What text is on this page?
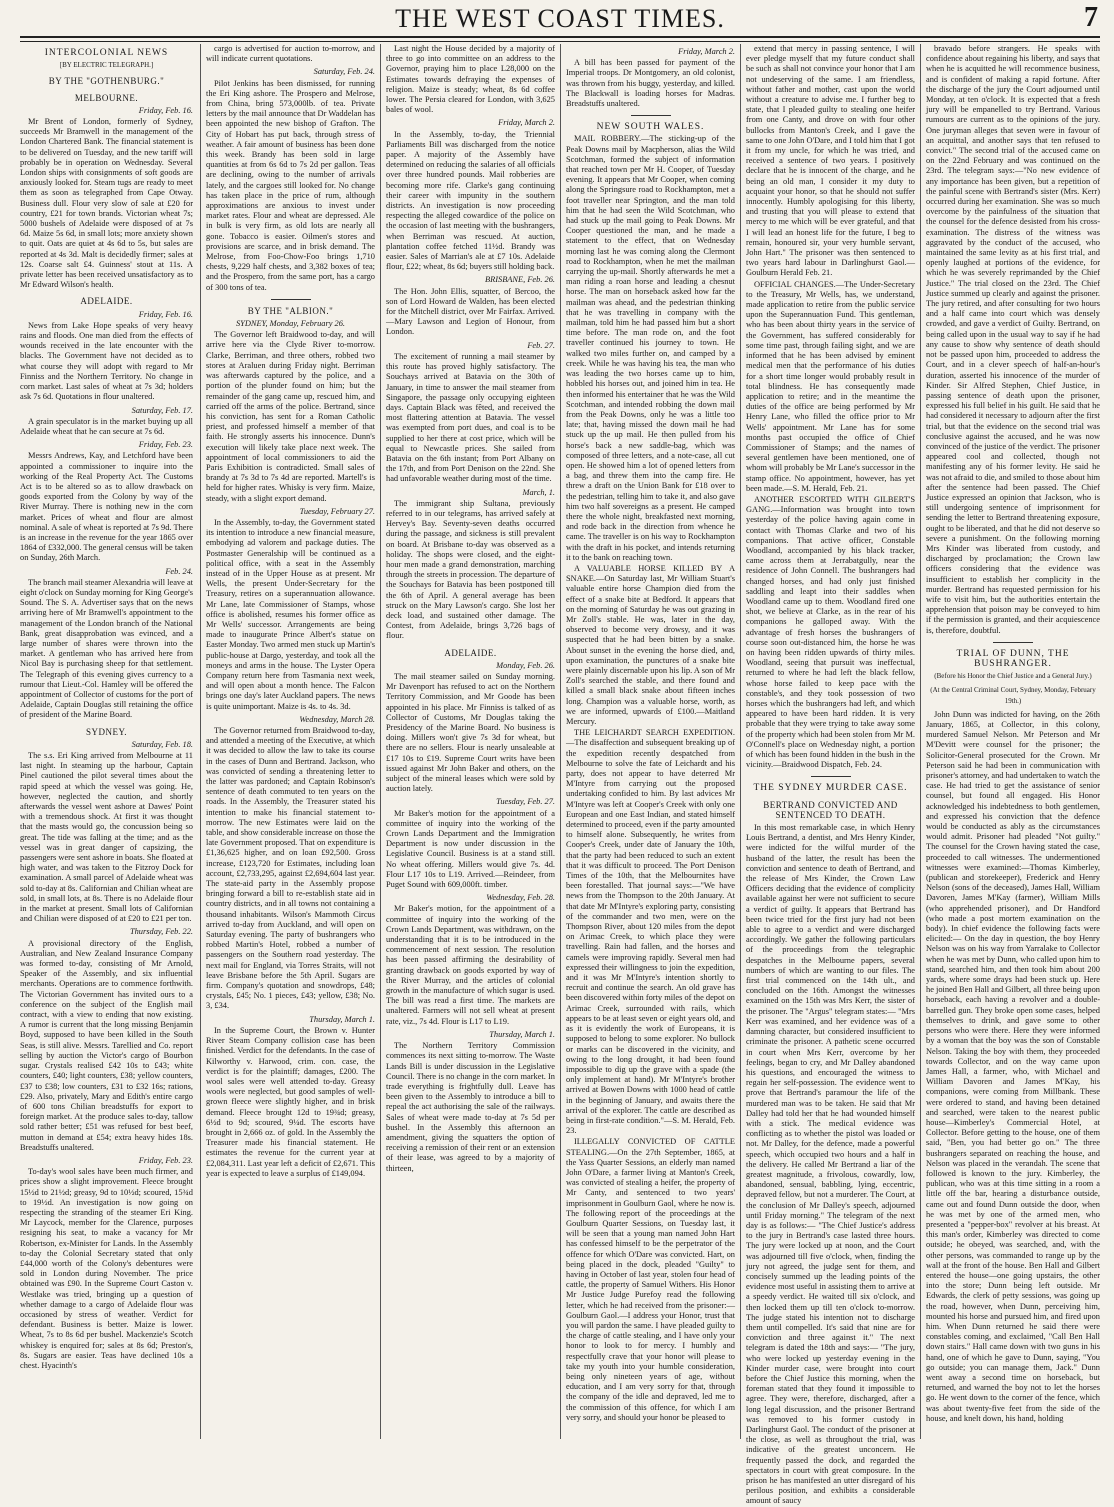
THE WEST COAST TIMES.	7
INTERCOLONIAL NEWS
[BY ELECTRIC TELEGRAPH.]
BY THE "GOTHENBURG."
MELBOURNE.
Friday, Feb. 16.

Mr Brent of London, formerly of Sydney, succeeds Mr Bramwell in the management of the London Chartered Bank. The financial statement is to be delivered on Tuesday, and the new tariff will probably be in operation on Wednesday. Several London ships with consignments of soft goods are anxiously looked for. Steam tugs are ready to meet them as soon as telegraphed from Cape Otway. Business dull. Flour very slow of sale at £20 for country, £21 for town brands. Victorian wheat 7s; 5000 bushels of Adelaide were disposed of at 7s 6d. Maize 5s 6d, in small lots; more anxiety shown to quit. Oats are quiet at 4s 6d to 5s, but sales are reported at 4s 3d. Malt is decidedly firmer; sales at 12s. Coarse salt £4. Guinness' stout at 11s. A private letter has been received unsatisfactory as to Mr Edward Wilson's health.

ADELAIDE.
Friday, Feb. 16.

News from Lake Hope speaks of very heavy rains and floods. One man died from the effects of wounds received in the late encounter with the blacks. The Government have not decided as to what course they will adopt with regard to Mr Finniss and the Northern Territory. No change in corn market. Last sales of wheat at 7s 3d; holders ask 7s 6d. Quotations in flour unaltered.

Saturday, Feb. 17.

A grain speculator is in the market buying up all Adelaide wheat that he can secure at 7s 6d.

Friday, Feb. 23.

Messrs Andrews, Kay, and Letchford have been appointed a commissioner to inquire into the working of the Real Property Act. The Customs Act is to be altered so as to allow drawback on goods exported from the Colony by way of the River Murray. There is nothing new in the corn market. Prices of wheat and flour are almost nominal. A sale of wheat is reported at 7s 9d. There is an increase in the revenue for the year 1865 over 1864 of £332,000. The general census will be taken on Sunday, 26th March.

Feb. 24.

The branch mail steamer Alexandria will leave at eight o'clock on Sunday morning for King George's Sound. The S. A. Advertiser says that on the news arriving here of Mr Bramwell's appointment to the management of the London branch of the National Bank, great disapprobation was evinced, and a large number of shares were thrown into the market. A gentleman who has arrived here from Nicol Bay is purchasing sheep for that settlement. The Telegraph of this evening gives currency to a rumour that Lieut.-Col. Hamley will be offered the appointment of Collector of customs for the port of Adelaide, Captain Douglas still retaining the office of president of the Marine Board.

SYDNEY.
Saturday, Feb. 18.

The s.s. Eri King arrived from Melbourne at 11 last night. In steaming up the harbour, Captain Pinel cautioned the pilot several times about the rapid speed at which the vessel was going. He, however, neglected the caution, and shortly afterwards the vessel went ashore at Dawes' Point with a tremendous shock. At first it was thought that the masts would go, the concussion being so great. The tide was falling at the time; and as the vessel was in great danger of capsizing, the passengers were sent ashore in boats. She floated at high water, and was taken to the Fitzroy Dock for examination. A small parcel of Adelaide wheat was sold to-day at 8s. Californian and Chilian wheat are sold, in small lots, at 8s. There is no Adelaide flour in the market at present. Small lots of Californian and Chilian were disposed of at £20 to £21 per ton.

Thursday, Feb. 22.

A provisional directory of the English, Australian, and New Zealand Insurance Company was formed to-day, consisting of Mr Arnold, Speaker of the Assembly, and six influential merchants. Operations are to commence forthwith. The Victorian Government has invited ours to a conference on the subject of the English mail contract, with a view to ending that now existing. A rumor is current that the long missing Benjamin Boyd, supposed to have been killed in the South Seas, is still alive. Messrs. Tarellied and Co. report selling by auction the Victor's cargo of Bourbon sugar. Crystals realised £42 10s to £43; white counters, £40; light counters, £38; yellow counters, £37 to £38; low counters, £31 to £32 16s; rations, £29. Also, privately, Mary and Edith's entire cargo of 600 tons Chilian breadstuffs for export to foreign market. At the produce sales to-day, tallow sold rather better; £51 was refused for best beef, mutton in demand at £54; extra heavy hides 18s. Breadstuffs unaltered.

Friday, Feb. 23.

To-day's wool sales have been much firmer, and prices show a slight improvement. Fleece brought 15½d to 21½d; greasy, 9d to 10½d; scoured, 15¾d to 19½d. An investigation is now going on respecting the stranding of the steamer Eri King. Mr Laycock, member for the Clarence, purposes resigning his seat, to make a vacancy for Mr Robertson, ex-Minister for Lands. In the Assembly to-day the Colonial Secretary stated that only £44,000 worth of the Colony's debentures were sold in London during November. The price obtained was £90. In the Supreme Court Caston v. Westlake was tried, bringing up a question of whether damage to a cargo of Adelaide flour was occasioned by stress of weather. Verdict for defendant. Business is better. Maize is lower. Wheat, 7s to 8s 6d per bushel. Mackenzie's Scotch whiskey is enquired for; sales at 8s 6d; Preston's, 8s. Sugars are easier. Teas have declined 10s a chest. Hyacinth's

cargo is advertised for auction to-morrow, and will indicate current quotations.

Saturday, Feb. 24.

Pilot Jenkins has been dismissed, for running the Eri King ashore. The Prospero and Melrose, from China, bring 573,000lb. of tea. Private letters by the mail announce that Dr Waddelan has been appointed the new bishop of Grafton. The City of Hobart has put back, through stress of weather. A fair amount of business has been done this week. Brandy has been sold in large quantities at from 6s 6d to 7s 2d per gallon. Teas are declining, owing to the number of arrivals lately, and the cargoes still looked for. No change has taken place in the price of rum, although approximations are anxious to invest under market rates. Flour and wheat are depressed. Ale in bulk is very firm, as old lots are nearly all gone. Tobacco is easier. Oilmen's stores and provisions are scarce, and in brisk demand. The Melrose, from Foo-Chow-Foo brings 1,710 chests, 9,229 half chests, and 3,382 boxes of tea; and the Prospero, from the same port, has a cargo of 300 tons of tea.

BY THE "ALBION."
SYDNEY, Monday, February 26.

The Governor left Braidwood to-day, and will arrive here via the Clyde River to-morrow. Clarke, Berriman, and three others, robbed two stores at Araluen during Friday night. Berriman was afterwards captured by the police, and a portion of the plunder found on him; but the remainder of the gang came up, rescued him, and carried off the arms of the police. Bertrand, since his conviction, has sent for a Roman Catholic priest, and professed himself a member of that faith. He strongly asserts his innocence. Dunn's execution will likely take place next week. The appointment of local commissioners to aid the Paris Exhibition is contradicted. Small sales of brandy at 7s 3d to 7s 4d are reported. Martell's is held for higher rates. Whisky is very firm. Maize, steady, with a slight export demand.

Tuesday, February 27.

In the Assembly, to-day, the Government stated its intention to introduce a new financial measure, embodying ad valorem and package duties. The Postmaster Generalship will be continued as a political office, with a seat in the Assembly instead of in the Upper House as at present. Mr Wells, the present Under-Secretary for the Treasury, retires on a superannuation allowance. Mr Lane, late Commissioner of Stamps, whose office is abolished, resumes his former office as Mr Wells' successor. Arrangements are being made to inaugurate Prince Albert's statue on Easter Monday. Two armed men stuck up Martin's public-house at Dargo, yesterday, and took all the moneys and arms in the house. The Lyster Opera Company return here from Tasmania next week, and will open about a month hence. The Falcon brings one day's later Auckland papers. The news is quite unimportant. Maize is 4s. to 4s. 3d.

Wednesday, March 28.

The Governor returned from Braidwood to-day, and attended a meeting of the Executive, at which it was decided to allow the law to take its course in the cases of Dunn and Bertrand. Jackson, who was convicted of sending a threatening letter to the latter was pardoned; and Captain Robinson's sentence of death commuted to ten years on the roads. In the Assembly, the Treasurer stated his intention to make his financial statement to-morrow. The new Estimates were laid on the table, and show considerable increase on those the late Government proposed. That on expenditure is £1,36,625 higher, and on loan £92,500. Gross increase, £123,720 for Estimates, including loan account, £2,733,295, against £2,694,604 last year. The state-aid party in the Assembly propose bringing forward a bill to re-establish state aid in country districts, and in all towns not containing a thousand inhabitants. Wilson's Mammoth Circus arrived to-day from Auckland, and will open on Saturday evening. The party of bushrangers who robbed Martin's Hotel, robbed a number of passengers on the Southern road yesterday. The next mail for England, via Torres Straits, will not leave Brisbane before the 5th April. Sugars are firm. Company's quotation and snowdrops, £48; crystals, £45; No. 1 pieces, £43; yellow, £38; No. 3, £34.

Thursday, March 1.

In the Supreme Court, the Brown v. Hunter River Steam Company collision case has been finished. Verdict for the defendants. In the case of Kilworthy v. Harwood, crim. con. case, the verdict is for the plaintiff; damages, £200. The wool sales were well attended to-day. Greasy wools were neglected, but good samples of well-grown fleece were slightly higher, and in brisk demand. Fleece brought 12d to 19¾d; greasy, 6½d to 9d; scoured, 9¼d. The escorts have brought in 2,666 oz. of gold. In the Assembly the Treasurer made his financial statement. He estimates the revenue for the current year at £2,084,311. Last year left a deficit of £2,671. This year is expected to leave a surplus of £149,094.

Last night the House decided by a majority of three to go into committee on an address to the Governor, praying him to place L28,000 on the Estimates towards defraying the expenses of religion. Maize is steady; wheat, 8s 6d coffee lower. The Persia cleared for London, with 3,625 bales of wool.

Friday, March 2.

In the Assembly, to-day, the Triennial Parliaments Bill was discharged from the notice paper. A majority of the Assembly have determined on reducing the salaries of all officials over three hundred pounds. Mail robberies are becoming more rife. Clarke's gang continuing their career with impunity in the southern districts. An investigation is now proceeding respecting the alleged cowardice of the police on the occasion of last meeting with the bushrangers, when Berriman was rescued. At auction, plantation coffee fetched 11½d. Brandy was easier. Sales of Marrian's ale at £7 10s. Adelaide flour, £22; wheat, 8s 6d; buyers still holding back.

BRISBANE, Feb. 26.

The Hon. John Ellis, squatter, of Bercoo, the son of Lord Howard de Walden, has been elected for the Mitchell district, over Mr Fairfax. Arrived.—Mary Lawson and Legion of Honour, from London.

Feb. 27.

The excitement of running a mail steamer by this route has proved highly satisfactory. The Souchays arrived at Batavia on the 30th of January, in time to answer the mail steamer from Singapore, the passage only occupying eighteen days. Captain Black was fêted, and received the most flattering attention at Batavia. The vessel was exempted from port dues, and coal is to be supplied to her there at cost price, which will be equal to Newcastle prices. She sailed from Batavia on the 6th instant; from Port Albany on the 17th, and from Port Denison on the 22nd. She had unfavorable weather during most of the time.

March, 1.

The immigrant ship Sultana, previously referred to in our telegrams, has arrived safely at Hervey's Bay. Seventy-seven deaths occurred during the passage, and sickness is still prevalent on board. At Brisbane to-day was observed as a holiday. The shops were closed, and the eight-hour men made a grand demonstration, marching through the streets in procession. The departure of the Souchays for Batavia has been postponed till the 6th of April. A general average has been struck on the Mary Lawson's cargo. She lost her deck load, and sustained other damage. The Contest, from Adelaide, brings 3,726 bags of flour.

ADELAIDE.
Monday, Feb. 26.

The mail steamer sailed on Sunday morning. Mr Davenport has refused to act on the Northern Territory Commission, and Mr Goode has been appointed in his place. Mr Finniss is talked of as Collector of Customs, Mr Douglas taking the Presidency of the Marine Board. No business is doing. Millers won't give 7s 3d for wheat, but there are no sellers. Flour is nearly unsaleable at £17 10s to £19. Supreme Court writs have been issued against Mr John Baker and others, on the subject of the mineral leases which were sold by auction lately.

Tuesday, Feb. 27.

Mr Baker's motion for the appointment of a committee of inquiry into the working of the Crown Lands Department and the Immigration Department is now under discussion in the Legislative Council. Business is at a stand still. No wheat offering. Millers would give 7s. 4d. Flour L17 10s to L19. Arrived.—Reindeer, from Puget Sound with 609,000ft. timber.

Wednesday, Feb. 28.

Mr Baker's motion, for the appointment of a committee of inquiry into the working of the Crown Lands Department, was withdrawn, on the understanding that it is to be introduced in the commencement of next session. The resolution has been passed affirming the desirability of granting drawback on goods exported by way of the River Murray, and the articles of colonial growth in the manufacture of which sugar is used. The bill was read a first time. The markets are unaltered. Farmers will not sell wheat at present rate, viz., 7s 4d. Flour is L17 to L19.

Thursday, March 1.

The Northern Territory Commission commences its next sitting to-morrow. The Waste Lands Bill is under discussion in the Legislative Council. There is no change in the corn market. In trade everything is frightfully dull. Leave has been given to the Assembly to introduce a bill to repeal the act authorising the sale of the railways. Sales of wheat were made to-day at 7s 5d per bushel. In the Assembly this afternoon an amendment, giving the squatters the option of receiving a remission of their rent or an extension of their lease, was agreed to by a majority of thirteen,

Friday, March 2.

A bill has been passed for payment of the Imperial troops. Dr Montgomery, an old colonist, was thrown from his buggy, yesterday, and killed. The Blackwall is loading horses for Madras. Breadstuffs unaltered.

NEW SOUTH WALES.

MAIL ROBBERY.—The sticking-up of the Peak Downs mail by Macpherson, alias the Wild Scotchman, formed the subject of information that reached town per Mr H. Cooper, of Tuesday evening. It appears that Mr Cooper, when coming along the Springsure road to Rockhampton, met a foot traveller near Springton, and the man told him that he had seen the Wild Scotchman, who had stuck up the mail going to Peak Downs. Mr Cooper questioned the man, and he made a statement to the effect, that on Wednesday morning last he was coming along the Clermont road to Rockhampton, when he met the mailman carrying the up-mail. Shortly afterwards he met a man riding a roan horse and leading a chesnut horse. The man on horseback asked how far the mailman was ahead, and the pedestrian thinking that he was travelling in company with the mailman, told him he had passed him but a short time before. The man rode on, and the foot traveller continued his journey to town. He walked two miles further on, and camped by a creek. While he was having his tea, the man who was leading the two horses came up to him, hobbled his horses out, and joined him in tea. He then informed his entertainer that he was the Wild Scotchman, and intended robbing the down mail from the Peak Downs, only he was a little too late; that, having missed the down mail he had stuck up the up mail. He then pulled from his horse's back a new saddle-bag, which was composed of three letters, and a note-case, all cut open. He showed him a lot of opened letters from a bag, and threw them into the camp fire. He threw a draft on the Union Bank for £18 over to the pedestrian, telling him to take it, and also gave him two half sovereigns as a present. He camped there the whole night, breakfasted next morning, and rode back in the direction from whence he came. The traveller is on his way to Rockhampton with the draft in his pocket, and intends returning it to the bank on reaching town.

A VALUABLE HORSE KILLED BY A SNAKE.—On Saturday last, Mr William Stuart's valuable entire horse Champion died from the effect of a snake bite at Bedford. It appears that on the morning of Saturday he was out grazing in Mr Zoll's stable. He was, later in the day, observed to become very drowsy, and it was suspected that he had been bitten by a snake. About sunset in the evening the horse died, and, upon examination, the punctures of a snake bite were plainly discernable upon his lip. A son of Mr Zoll's searched the stable, and there found and killed a small black snake about fifteen inches long. Champion was a valuable horse, worth, as we are informed, upwards of £100.—Maitland Mercury.

THE LEICHARDT SEARCH EXPEDITION.—The disaffection and subsequent breaking up of the expedition recently despatched from Melbourne to solve the fate of Leichardt and his party, does not appear to have deterred Mr M'Intyre from carrying out the proposed undertaking confided to him. By last advices Mr M'Intyre was left at Cooper's Creek with only one European and one East Indian, and stated himself determined to proceed, even if the party amounted to himself alone. Subsequently, he writes from Cooper's Creek, under date of January the 10th, that the party had been reduced to such an extent that it was difficult to proceed. The Port Denison Times of the 10th, that the Melbournites have been forestalled. That journal says:—"We have news from the Thompson to the 20th January. At that date Mr M'Intyre's exploring party, consisting of the commander and two men, were on the Thompson River, about 120 miles from the depot on Arimac Creek, to which place they were travelling. Rain had fallen, and the horses and camels were improving rapidly. Several men had expressed their willingness to join the expedition, and it was Mr M'Intyre's intention shortly to recruit and continue the search. An old grave has been discovered within forty miles of the depot on Arimac Creek, surrounded with rails, which appears to be at least seven or eight years old, and as it is evidently the work of Europeans, it is supposed to belong to some explorer. No bullock or marks can be discovered in the vicinity, and owing to the long drought, it had been found impossible to dig up the grave with a spade (the only implement at hand). Mr M'Intyre's brother arrived at Bowen Downs with 1000 head of cattle in the beginning of January, and awaits there the arrival of the explorer. The cattle are described as being in first-rate condition."—S. M. Herald, Feb. 23.

ILLEGALLY CONVICTED OF CATTLE STEALING.—On the 27th September, 1865, at the Yass Quarter Sessions, an elderly man named John O'Dare, a farmer living at Manton's Creek, was convicted of stealing a heifer, the property of Mr Canty, and sentenced to two years' imprisonment in Goulburn Gaol, where he now is. The following report of the proceedings at the Goulburn Quarter Sessions, on Tuesday last, it will be seen that a young man named John Hart has confessed himself to be the perpetrator of the offence for which O'Dare was convicted. Hart, on being placed in the dock, pleaded "Guilty" to having in October of last year, stolen four head of cattle, the property of Samuel Withers. His Honor Mr Justice Judge Purefoy read the following letter, which he had received from the prisoner:— Goulburn Gaol.—I address your Honor, trust that you will pardon the same. I have pleaded guilty to the charge of cattle stealing, and I have only your honor to look to for mercy. I humbly and respectfully crave that your honor will please to take my youth into your humble consideration, being only nineteen years of age, without education, and I am very sorry for that, through the company of the idle and depraved, led me to the commission of this offence, for which I am very sorry, and should your honor be pleased to

extend that mercy in passing sentence, I will ever pledge myself that my future conduct shall be such as shall not convince your honor that I am not undeserving of the same. I am friendless, without father and mother, cast upon the world without a creature to advise me. I further beg to state, that I pleaded guilty to stealing one heifer from one Canty, and drove on with four other bullocks from Manton's Creek, and I gave the same to one John O'Dare, and I told him that I got it from my uncle, for which he was tried, and received a sentence of two years. I positively declare that he is innocent of the charge, and he being an old man, I consider it my duty to acquaint your honor, so that he should not suffer innocently. Humbly apologising for this liberty, and trusting that you will please to extend that mercy to me which will be ever grateful, and that I will lead an honest life for the future, I beg to remain, honoured sir, your very humble servant, John Hart." The prisoner was then sentenced to two years hard labour in Darlinghurst Gaol.—Goulburn Herald Feb. 21.

OFFICIAL CHANGES.—The Under-Secretary to the Treasury, Mr Wells, has, we understand, made application to retire from the public service upon the Superannuation Fund. This gentleman, who has been about thirty years in the service of the Government, has suffered considerably for some time past, through failing sight, and we are informed that he has been advised by eminent medical men that the performance of his duties for a short time longer would probably result in total blindness. He has consequently made application to retire; and in the meantime the duties of the office are being performed by Mr Henry Lane, who filled the office prior to Mr Wells' appointment. Mr Lane has for some months past occupied the office of Chief Commissioner of Stamps; and the names of several gentlemen have been mentioned, one of whom will probably be Mr Lane's successor in the stamp office. No appointment, however, has yet been made.—S. M. Herald, Feb. 21.

ANOTHER ESCORTED WITH GILBERT'S GANG.—Information was brought into town yesterday of the police having again come in contact with Thomas Clarke and two of his companions. That active officer, Constable Woodland, accompanied by his black tracker, came across them at Jerrabatgully, near the residence of John Connell. The bushrangers had changed horses, and had only just finished saddling and leapt into their saddles when Woodland came up to them. Woodland fired one shot, we believe at Clarke, as in the rear of his companions he galloped away. With the advantage of fresh horses the bushrangers of course soon out-distanced him, the horse he was on having been ridden upwards of thirty miles. Woodland, seeing that pursuit was ineffectual, returned to where he had left the black fellow, whose horse failed to keep pace with the constable's, and they took possession of two horses which the bushrangers had left, and which appeared to have been hard ridden. It is very probable that they were trying to take away some of the property which had been stolen from Mr M. O'Connell's place on Wednesday night, a portion of which has been found hidden in the bush in the vicinity.—Braidwood Dispatch, Feb. 24.

THE SYDNEY MURDER CASE.
BERTRAND CONVICTED AND SENTENCED TO DEATH.

In this most remarkable case, in which Henry Louis Bertrand, a dentist, and Mrs Henry Kinder, were indicted for the wilful murder of the husband of the latter, the result has been the conviction and sentence to death of Bertrand, and the release of Mrs Kinder, the Crown Law Officers deciding that the evidence of complicity available against her were not sufficient to secure a verdict of guilty. It appears that Bertrand has been twice tried for the first jury had not been able to agree to a verdict and were discharged accordingly. We gather the following particulars of the proceedings from the telegraphic despatches in the Melbourne papers, several numbers of which are wanting to our files. The first trial commenced on the 14th ult., and concluded on the 16th. Amongst the witnesses examined on the 15th was Mrs Kerr, the sister of the prisoner. The "Argus" telegram states:— "Mrs Kerr was examined, and her evidence was of a damning character, but considered insufficient to criminate the prisoner. A pathetic scene occurred in court when Mrs Kerr, overcome by her feelings, began to cry, and Mr Dalley abandoned his questions, and encouraged the witness to regain her self-possession. The evidence went to prove that Bertrand's paramour the life of the murdered man was to be taken. He said that Mr Dalley had told her that he had wounded himself with a stick. The medical evidence was conflicting as to whether the pistol was loaded or not. Mr Dalley, for the defence, made a powerful speech, which occupied two hours and a half in the delivery. He called Mr Bertrand a liar of the greatest magnitude, a frivolous, cowardly, low, abandoned, sensual, babbling, lying, eccentric, depraved fellow, but not a murderer. The Court, at the conclusion of Mr Dalley's speech, adjourned until Friday morning." The telegram of the next day is as follows:— "The Chief Justice's address to the jury in Bertrand's case lasted three hours. The jury were locked up at noon, and the Court was adjourned till five o'clock, when, finding the jury not agreed, the judge sent for them, and concisely summed up the leading points of the evidence most useful in assisting them to arrive at a speedy verdict. He waited till six o'clock, and then locked them up till ten o'clock to-morrow. The judge stated his intention not to discharge them until compelled. It's said that nine are for conviction and three against it." The next telegram is dated the 18th and says:— "The jury, who were locked up yesterday evening in the Kinder murder case, were brought into court before the Chief Justice this morning, when the foreman stated that they found it impossible to agree. They were, therefore, discharged, after a long legal discussion, and the prisoner Bertrand was removed to his former custody in Darlinghurst Gaol. The conduct of the prisoner at the close, as well as throughout the trial, was indicative of the greatest unconcern. He frequently passed the dock, and regarded the spectators in court with great composure. In the prison he has manifested an utter disregard of his perilous position, and exhibits a considerable amount of saucy

bravado before strangers. He speaks with confidence about regaining his liberty, and says that when he is acquitted he will recommence business, and is confident of making a rapid fortune. After the discharge of the jury the Court adjourned until Monday, at ten o'clock. It is expected that a fresh jury will be empanelled to try Bertrand. Various rumours are current as to the opinions of the jury. One juryman alleges that seven were in favour of an acquittal, and another says that ten refused to convict." The second trial of the accused came on on the 22nd February and was continued on the 23rd. The telegram says:—"No new evidence of any importance has been given, but a repetition of the painful scene with Bertrand's sister (Mrs. Kerr) occurred during her examination. She was so much overcome by the painfulness of the situation that the counsel for the defence desisted from his cross-examination. The distress of the witness was aggravated by the conduct of the accused, who maintained the same levity as at his first trial, and openly laughed at portions of the evidence, for which he was severely reprimanded by the Chief Justice." The trial closed on the 23rd. The Chief Justice summed up clearly and against the prisoner. The jury retired, and after consulting for two hours and a half came into court which was densely crowded, and gave a verdict of Guilty. Bertrand, on being called upon in the usual way to say if he had any cause to show why sentence of death should not be passed upon him, proceeded to address the Court, and in a clever speech of half-an-hour's duration, asserted his innocence of the murder of Kinder. Sir Alfred Stephen, Chief Justice, in passing sentence of death upon the prisoner, expressed his full belief in his guilt. He said that he had considered it necessary to adjourn after the first trial, but that the evidence on the second trial was conclusive against the accused, and he was now convinced of the justice of the verdict. The prisoner appeared cool and collected, though not manifesting any of his former levity. He said he was not afraid to die, and smiled to those about him after the sentence had been passed. The Chief Justice expressed an opinion that Jackson, who is still undergoing sentence of imprisonment for sending the letter to Bertrand threatening exposure, ought to be liberated, and that he did not deserve so severe a punishment. On the following morning Mrs Kinder was liberated from custody, and discharged by proclamation; the Crown law officers considering that the evidence was insufficient to establish her complicity in the murder. Bertrand has requested permission for his wife to visit him, but the authorities entertain the apprehension that poison may be conveyed to him if the permission is granted, and their acquiescence is, therefore, doubtful.

TRIAL OF DUNN, THE BUSHRANGER.
(Before his Honor the Chief Justice and a General Jury.)
(At the Central Criminal Court, Sydney, Monday, February 19th.)

John Dunn was indicted for having, on the 26th January, 1865, at Collector, in this colony, murdered Samuel Nelson. Mr Peterson and Mr M'Devitt were counsel for the prisoner; the Solicitor-General prosecuted for the Crown. Mr Peterson said he had been in communication with prisoner's attorney, and had undertaken to watch the case. He had tried to get the assistance of senior counsel, but found all engaged. His Honor acknowledged his indebtedness to both gentlemen, and expressed his conviction that the defence would be conducted as ably as the circumstances would admit. Prisoner had pleaded "Not guilty." The counsel for the Crown having stated the case, proceeded to call witnesses. The undermentioned witnesses were examined:—Thomas Kimberley, (publican and storekeeper), Frederick and Henry Nelson (sons of the deceased), James Hall, William Davoren, James M'Kay (farmer), William Mills (who apprehended prisoner), and Dr Handford (who made a post mortem examination on the body). In chief evidence the following facts were elicited:— On the day in question, the boy Henry Nelson was on his way from Yarralake to Collector when he was met by Dunn, who called upon him to stand, searched him, and then took him about 200 yards, where some drays had been stuck up. Here he joined Ben Hall and Gilbert, all three being upon horseback, each having a revolver and a double-barrelled gun. They broke open some cases, helped themselves to drink, and gave some to other persons who were there. Here they were informed by a woman that the boy was the son of Constable Nelson. Taking the boy with them, they proceeded towards Collector, and on the way came upon James Hall, a farmer, who, with Michael and William Davoren and James M'Kay, his companions, were coming from Millbank. These were ordered to stand, and having been detained and searched, were taken to the nearest public house—Kimberley's Commercial Hotel, at Collector. Before getting to the house, one of them said, "Ben, you had better go on." The three bushrangers separated on reaching the house, and Nelson was placed in the verandah. The scene that followed is known to the jury. Kimberley, the publican, who was at this time sitting in a room a little off the bar, hearing a disturbance outside, came out and found Dunn outside the door, when he was met by one of the armed men, who presented a "pepper-box" revolver at his breast. At this man's order, Kimberley was directed to come outside; he obeyed, was searched, and, with the other persons, was commanded to range up by the wall at the front of the house. Ben Hall and Gilbert entered the house—one going upstairs, the other into the store; Dunn being left outside. Mr Edwards, the clerk of petty sessions, was going up the road, however, when Dunn, perceiving him, mounted his horse and pursued him, and fired upon him. When Dunn returned he said there were constables coming, and exclaimed, "Call Ben Hall down stairs." Hall came down with two guns in his hand, one of which he gave to Dunn, saying, "You go outside; you can manage them, Jack." Dunn went away a second time on horseback, but returned, and warned the boy not to let the horses go. He went down to the corner of the fence, which was about twenty-five feet from the side of the house, and knelt down, his hand, holding
